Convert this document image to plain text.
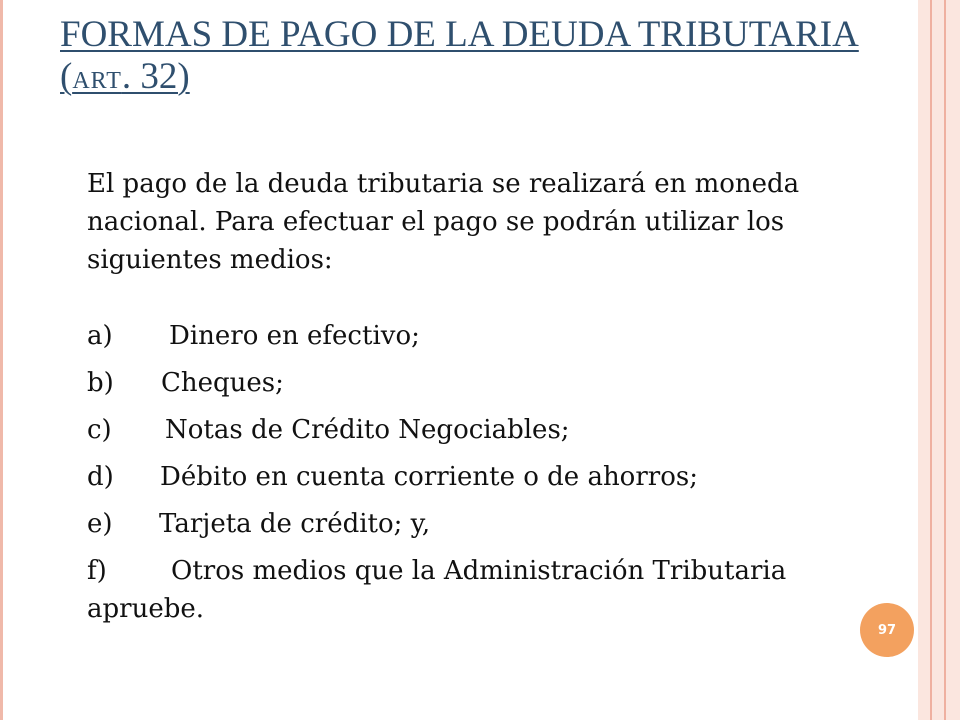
FORMAS DE PAGO DE LA DEUDA TRIBUTARIA (ART. 32)

El pago de la deuda tributaria se realizará en moneda nacional. Para efectuar el pago se podrán utilizar los siguientes medios:

a) Dinero en efectivo;
b) Cheques;
c) Notas de Crédito Negociables;
d) Débito en cuenta corriente o de ahorros;
e) Tarjeta de crédito; y,
f) Otros medios que la Administración Tributaria apruebe.
97
